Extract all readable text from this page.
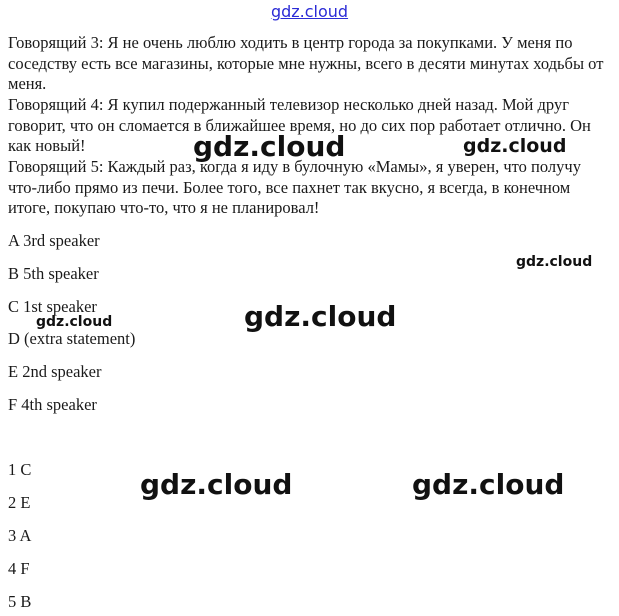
gdz.cloud

Говорящий 3: Я не очень люблю ходить в центр города за покупками. У меня по соседству есть все магазины, которые мне нужны, всего в десяти минутах ходьбы от меня.

Говорящий 4: Я купил подержанный телевизор несколько дней назад. Мой друг говорит, что он сломается в ближайшее время, но до сих пор работает отлично. Он как новый!

Говорящий 5: Каждый раз, когда я иду в булочную «Мамы», я уверен, что получу что-либо прямо из печи. Более того, все пахнет так вкусно, я всегда, в конечном итоге, покупаю что-то, что я не планировал!

A 3rd speaker
B 5th speaker
C 1st speaker
D (extra statement)
E 2nd speaker
F 4th speaker
1 C
2 E
3 A
4 F
5 B
gdz.cloud	gdz.cloud
gdz.cloud
gdz.cloud
gdz.cloud
gdz.cloud	gdz.cloud
